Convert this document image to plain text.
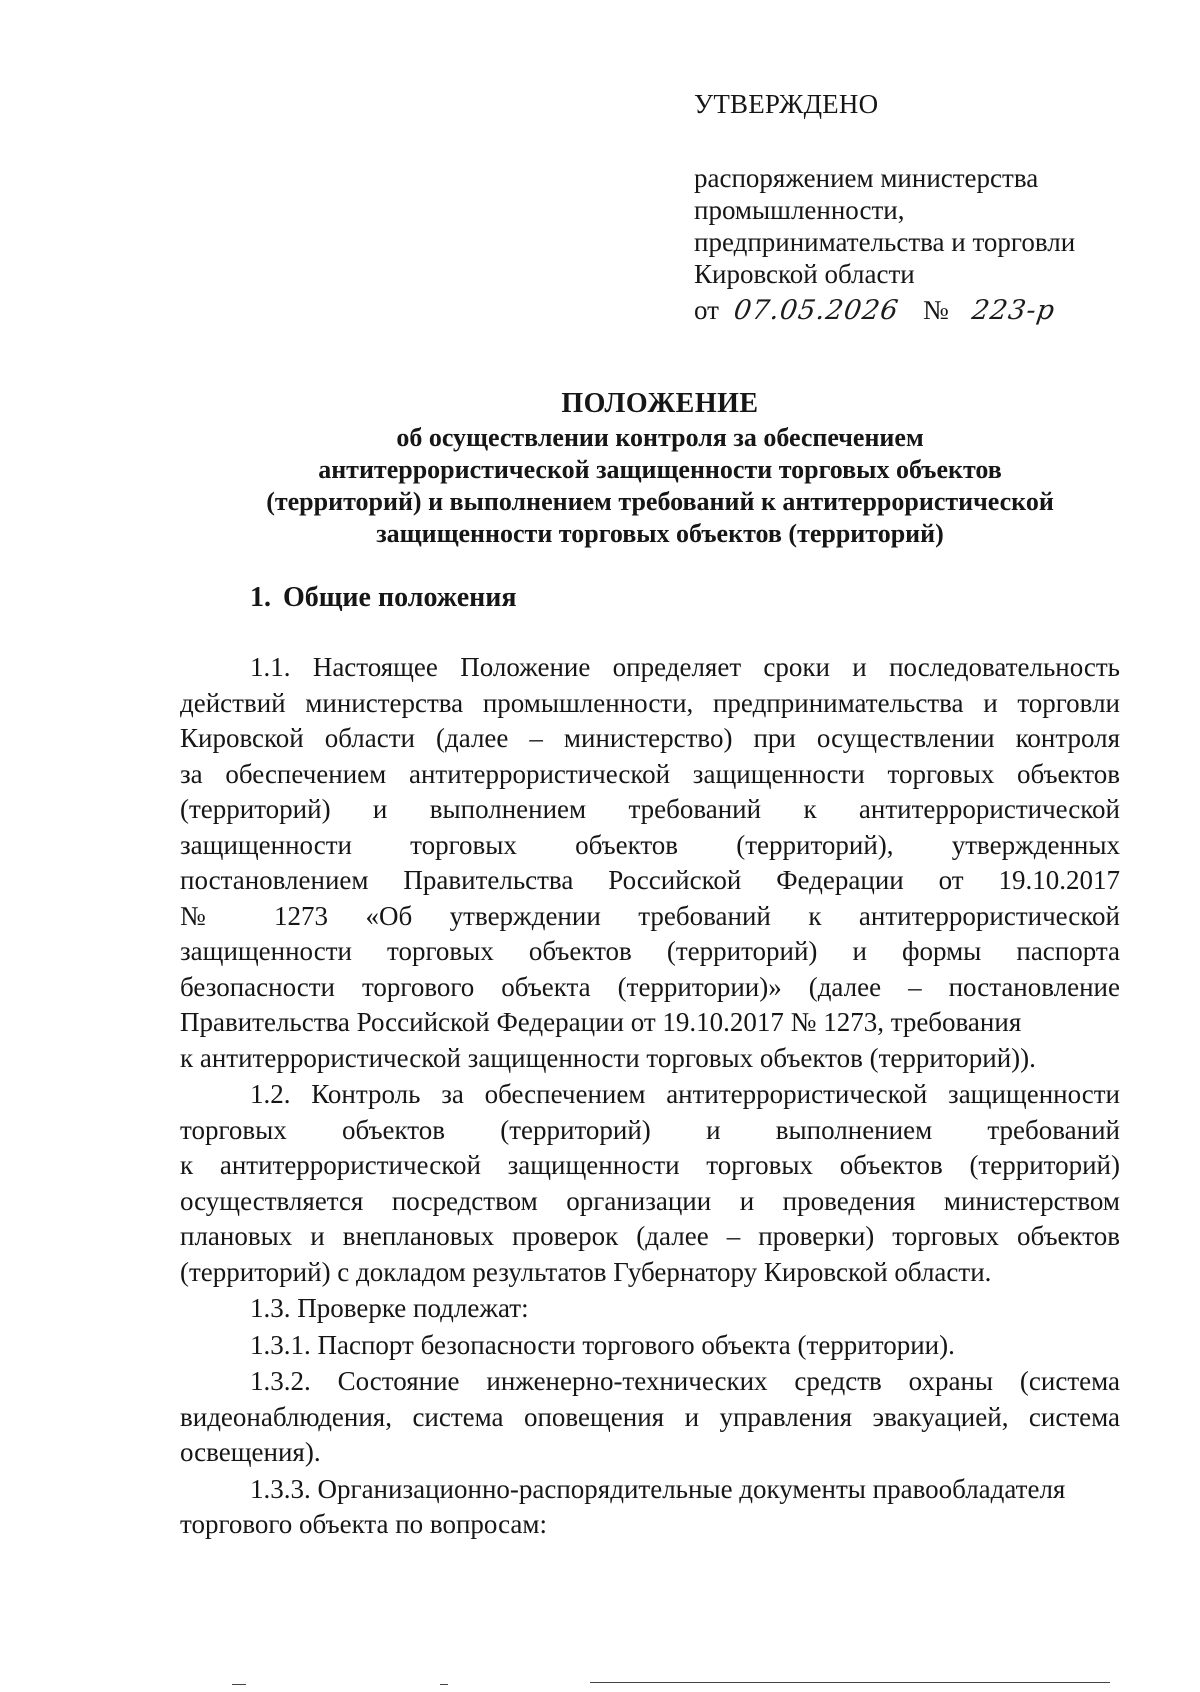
УТВЕРЖДЕНО
распоряжением министерства
промышленности,
предпринимательства и торговли
Кировской области
от 07.05.2026 № 223-р

ПОЛОЖЕНИЕ

об осуществлении контроля за обеспечением
антитеррористической защищенности торговых объектов
(территорий) и выполнением требований к антитеррористической
защищенности торговых объектов (территорий)

1. Общие положения
1.1. Настоящее Положение определяет сроки и последовательность
действий министерства промышленности, предпринимательства и торговли
Кировской области (далее – министерство) при осуществлении контроля
за обеспечением антитеррористической защищенности торговых объектов
(территорий) и выполнением требований к антитеррористической
защищенности торговых объектов (территорий), утвержденных
постановлением Правительства Российской Федерации от 19.10.2017
№ 1273 «Об утверждении требований к антитеррористической
защищенности торговых объектов (территорий) и формы паспорта
безопасности торгового объекта (территории)» (далее – постановление
Правительства Российской Федерации от 19.10.2017 № 1273, требования
к антитеррористической защищенности торговых объектов (территорий)).
1.2. Контроль за обеспечением антитеррористической защищенности
торговых объектов (территорий) и выполнением требований
к антитеррористической защищенности торговых объектов (территорий)
осуществляется посредством организации и проведения министерством
плановых и внеплановых проверок (далее – проверки) торговых объектов
(территорий) с докладом результатов Губернатору Кировской области.
1.3. Проверке подлежат:
1.3.1. Паспорт безопасности торгового объекта (территории).
1.3.2. Состояние инженерно-технических средств охраны (система
видеонаблюдения, система оповещения и управления эвакуацией, система
освещения).
1.3.3. Организационно-распорядительные документы правообладателя
торгового объекта по вопросам:
